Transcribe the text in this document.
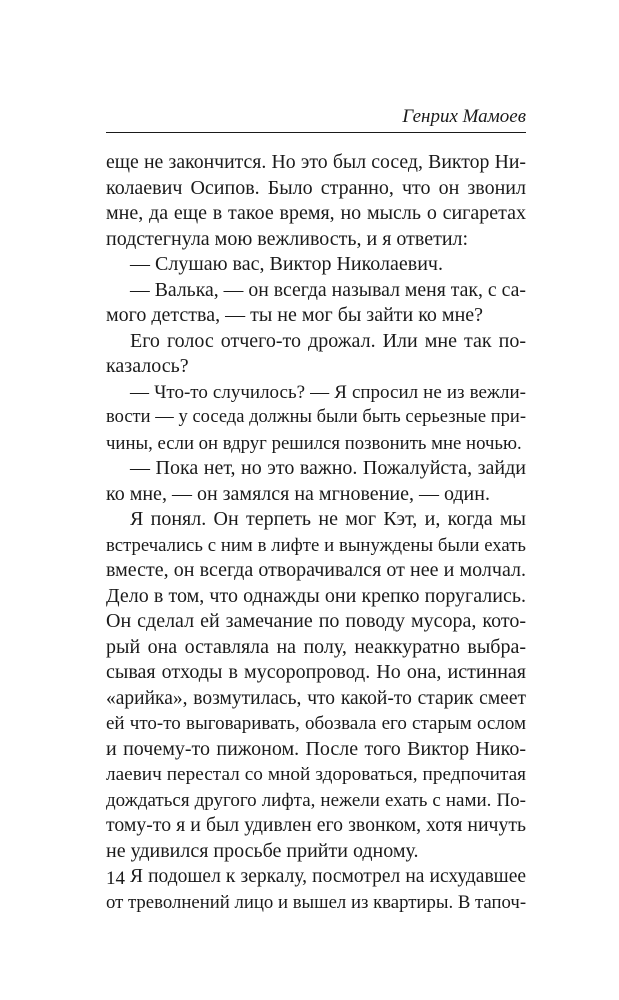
Генрих Мамоев
еще не закончится. Но это был сосед, Виктор Ни-
колаевич Осипов. Было странно, что он звонил
мне, да еще в такое время, но мысль о сигаретах
подстегнула мою вежливость, и я ответил:
— Слушаю вас, Виктор Николаевич.
— Валька, — он всегда называл меня так, с са-
мого детства, — ты не мог бы зайти ко мне?
Его голос отчего-то дрожал. Или мне так по-
казалось?
— Что-то случилось? — Я спросил не из вежли-
вости — у соседа должны были быть серьезные при-
чины, если он вдруг решился позвонить мне ночью.
— Пока нет, но это важно. Пожалуйста, зайди
ко мне, — он замялся на мгновение, — один.
Я понял. Он терпеть не мог Кэт, и, когда мы
встречались с ним в лифте и вынуждены были ехать
вместе, он всегда отворачивался от нее и молчал.
Дело в том, что однажды они крепко поругались.
Он сделал ей замечание по поводу мусора, кото-
рый она оставляла на полу, неаккуратно выбра-
сывая отходы в мусоропровод. Но она, истинная
«арийка», возмутилась, что какой-то старик смеет
ей что-то выговаривать, обозвала его старым ослом
и почему-то пижоном. После того Виктор Нико-
лаевич перестал со мной здороваться, предпочитая
дождаться другого лифта, нежели ехать с нами. По-
тому-то я и был удивлен его звонком, хотя ничуть
не удивился просьбе прийти одному.
Я подошел к зеркалу, посмотрел на исхудавшее
от треволнений лицо и вышел из квартиры. В тапоч-
14
